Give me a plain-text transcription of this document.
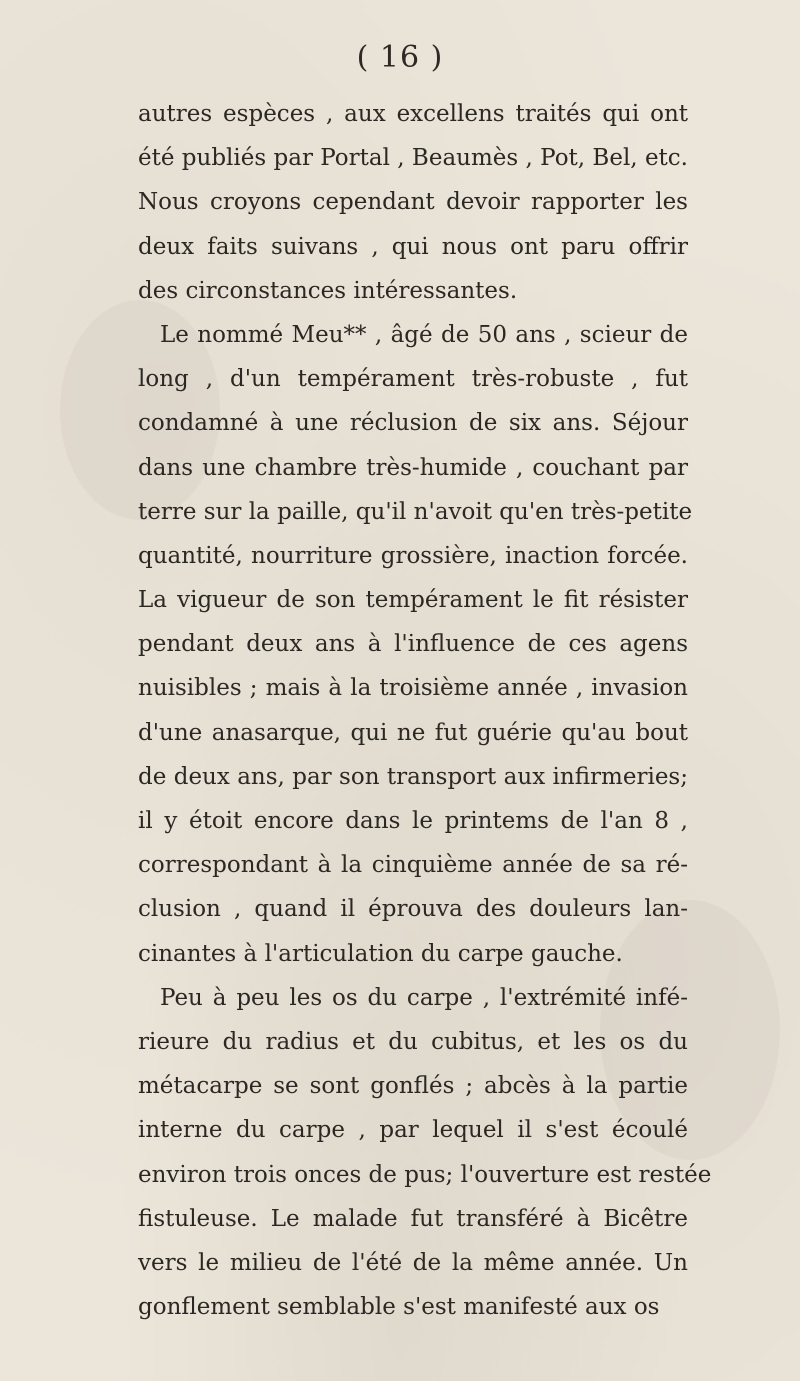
( 16 )
autres espèces , aux excellens traités qui ont
été publiés par Portal , Beaumès , Pot, Bel, etc.
Nous croyons cependant devoir rapporter les
deux faits suivans , qui nous ont paru offrir
des circonstances intéressantes.
Le nommé Meu** , âgé de 50 ans , scieur de
long , d'un tempérament très-robuste , fut
condamné à une réclusion de six ans. Séjour
dans une chambre très-humide , couchant par
terre sur la paille, qu'il n'avoit qu'en très-petite
quantité, nourriture grossière, inaction forcée.
La vigueur de son tempérament le fit résister
pendant deux ans à l'influence de ces agens
nuisibles ; mais à la troisième année , invasion
d'une anasarque, qui ne fut guérie qu'au bout
de deux ans, par son transport aux infirmeries;
il y étoit encore dans le printems de l'an 8 ,
correspondant à la cinquième année de sa ré-
clusion , quand il éprouva des douleurs lan-
cinantes à l'articulation du carpe gauche.
Peu à peu les os du carpe , l'extrémité infé-
rieure du radius et du cubitus, et les os du
métacarpe se sont gonflés ; abcès à la partie
interne du carpe , par lequel il s'est écoulé
environ trois onces de pus; l'ouverture est restée
fistuleuse. Le malade fut transféré à Bicêtre
vers le milieu de l'été de la même année. Un
gonflement semblable s'est manifesté aux os
